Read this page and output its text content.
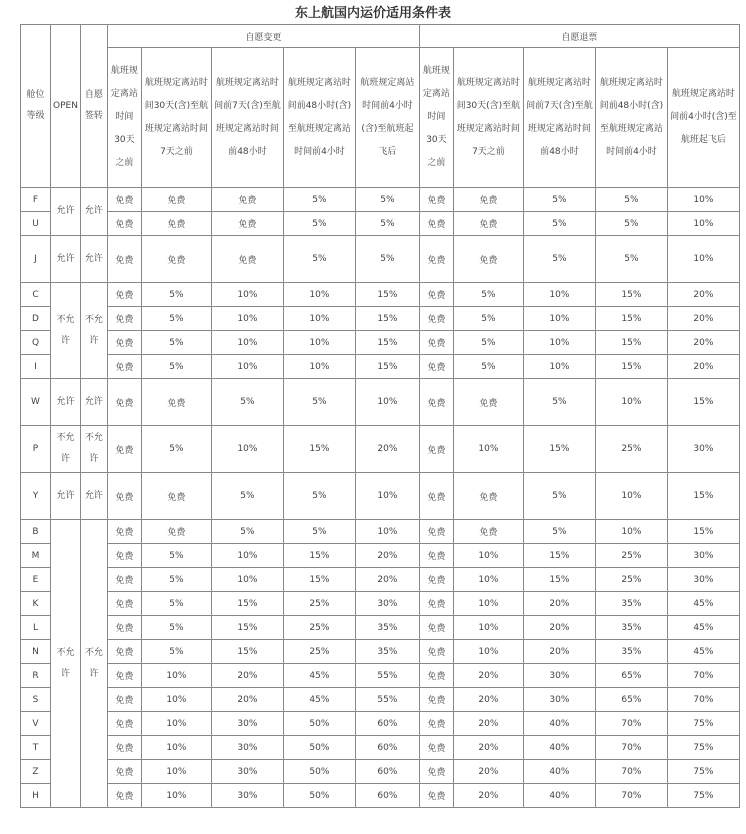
东上航国内运价适用条件表
舱位等级	OPEN	自愿签转	自愿变更					自愿退票				
			航班规定离站时间30天之前	航班规定离站时间30天(含)至航班规定离站时间7天之前	航班规定离站时间前7天(含)至航班规定离站时间前48小时	航班规定离站时间前48小时(含)至航班规定离站时间前4小时	航班规定离站时间前4小时(含)至航班起飞后	航班规定离站时间30天之前	航班规定离站时间30天(含)至航班规定离站时间7天之前	航班规定离站时间前7天(含)至航班规定离站时间前48小时	航班规定离站时间前48小时(含)至航班规定离站时间前4小时	航班规定离站时间前4小时(含)至航班起飞后
F	允许	允许	免费	免费	免费	5%	5%	免费	免费	5%	5%	10%
U			免费	免费	免费	5%	5%	免费	免费	5%	5%	10%
J	允许	允许	免费	免费	免费	5%	5%	免费	免费	5%	5%	10%
C	不允许	不允许	免费	5%	10%	10%	15%	免费	5%	10%	15%	20%
D			免费	5%	10%	10%	15%	免费	5%	10%	15%	20%
Q			免费	5%	10%	10%	15%	免费	5%	10%	15%	20%
I			免费	5%	10%	10%	15%	免费	5%	10%	15%	20%
W	允许	允许	免费	免费	5%	5%	10%	免费	免费	5%	10%	15%
P	不允许	不允许	免费	5%	10%	15%	20%	免费	10%	15%	25%	30%
Y	允许	允许	免费	免费	5%	5%	10%	免费	免费	5%	10%	15%
B	不允许	不允许	免费	免费	5%	5%	10%	免费	免费	5%	10%	15%
M			免费	5%	10%	15%	20%	免费	10%	15%	25%	30%
E			免费	5%	10%	15%	20%	免费	10%	15%	25%	30%
K			免费	5%	15%	25%	30%	免费	10%	20%	35%	45%
L			免费	5%	15%	25%	35%	免费	10%	20%	35%	45%
N			免费	5%	15%	25%	35%	免费	10%	20%	35%	45%
R			免费	10%	20%	45%	55%	免费	20%	30%	65%	70%
S			免费	10%	20%	45%	55%	免费	20%	30%	65%	70%
V			免费	10%	30%	50%	60%	免费	20%	40%	70%	75%
T			免费	10%	30%	50%	60%	免费	20%	40%	70%	75%
Z			免费	10%	30%	50%	60%	免费	20%	40%	70%	75%
H			免费	10%	30%	50%	60%	免费	20%	40%	70%	75%
